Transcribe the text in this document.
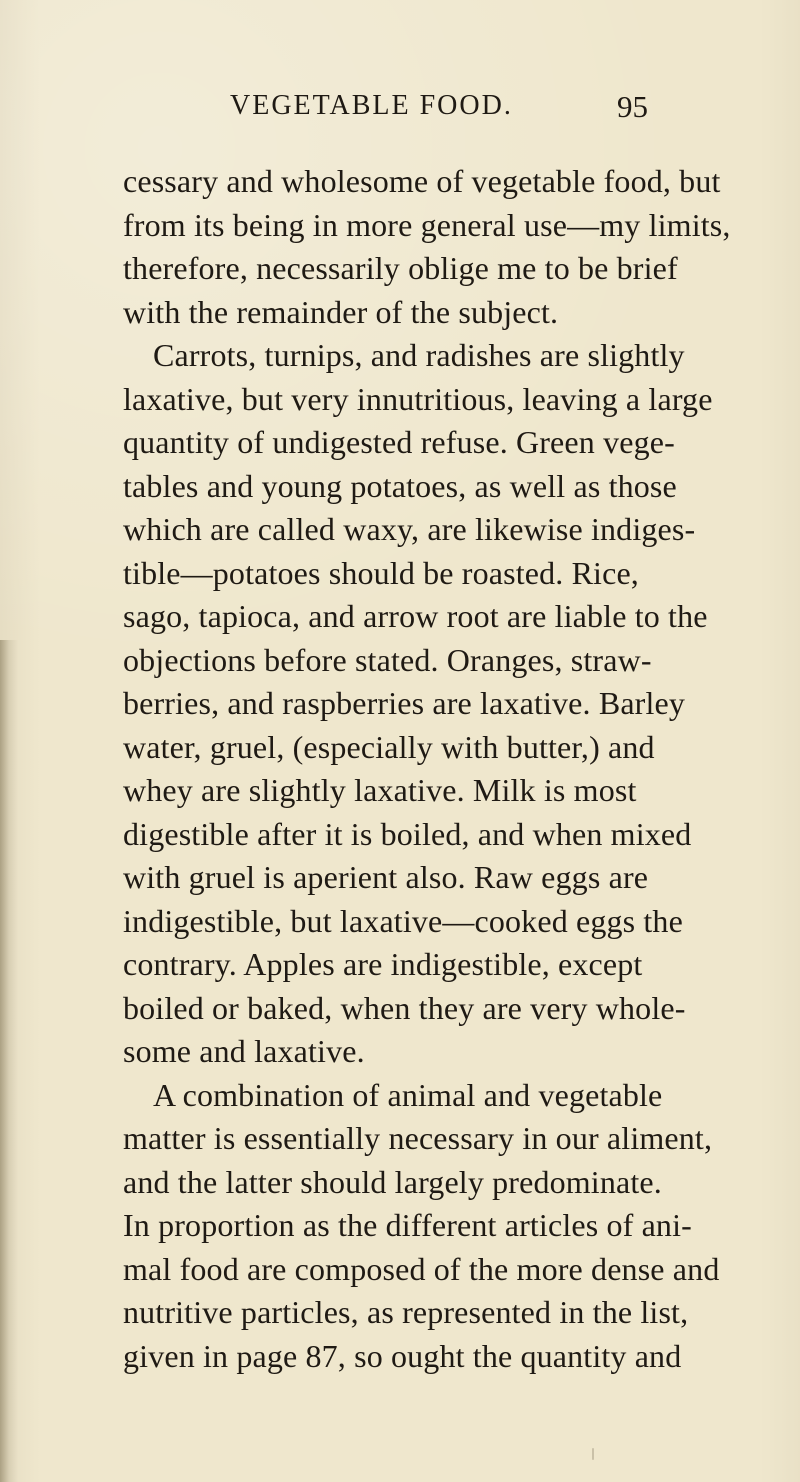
VEGETABLE FOOD.	95
cessary and wholesome of vegetable food, but
from its being in more general use—my limits,
therefore, necessarily oblige me to be brief
with the remainder of the subject.
Carrots, turnips, and radishes are slightly
laxative, but very innutritious, leaving a large
quantity of undigested refuse. Green vege-
tables and young potatoes, as well as those
which are called waxy, are likewise indiges-
tible—potatoes should be roasted. Rice,
sago, tapioca, and arrow root are liable to the
objections before stated. Oranges, straw-
berries, and raspberries are laxative. Barley
water, gruel, (especially with butter,) and
whey are slightly laxative. Milk is most
digestible after it is boiled, and when mixed
with gruel is aperient also. Raw eggs are
indigestible, but laxative—cooked eggs the
contrary. Apples are indigestible, except
boiled or baked, when they are very whole-
some and laxative.
A combination of animal and vegetable
matter is essentially necessary in our aliment,
and the latter should largely predominate.
In proportion as the different articles of ani-
mal food are composed of the more dense and
nutritive particles, as represented in the list,
given in page 87, so ought the quantity and
